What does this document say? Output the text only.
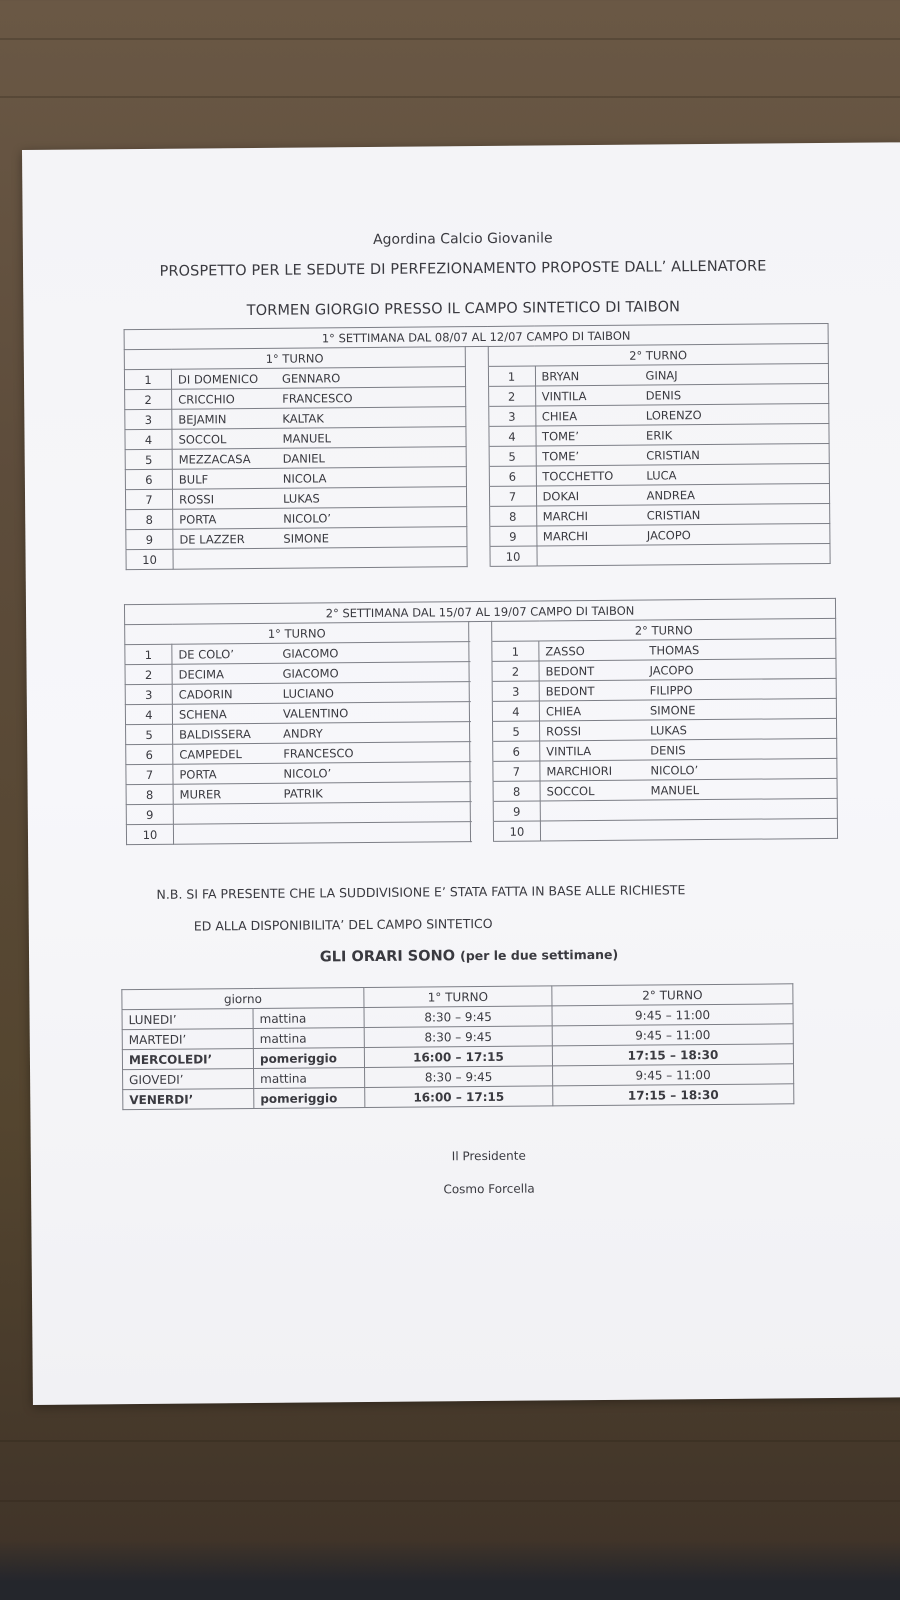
Agordina Calcio Giovanile
PROSPETTO PER LE SEDUTE DI PERFEZIONAMENTO PROPOSTE DALL’ ALLENATORE
TORMEN GIORGIO PRESSO IL CAMPO SINTETICO DI TAIBON
1° SETTIMANA DAL 08/07 AL 12/07 CAMPO DI TAIBON				
1° TURNO			2° TURNO	
1	DI DOMENICO GENNARO		1	BRYAN GINAJ
2	CRICCHIO FRANCESCO		2	VINTILA DENIS
3	BEJAMIN KALTAK		3	CHIEA LORENZO
4	SOCCOL MANUEL		4	TOME’ ERIK
5	MEZZACASA DANIEL		5	TOME’ CRISTIAN
6	BULF NICOLA		6	TOCCHETTO LUCA
7	ROSSI LUKAS		7	DOKAI ANDREA
8	PORTA NICOLO’		8	MARCHI CRISTIAN
9	DE LAZZER SIMONE		9	MARCHI JACOPO
10			10	
2° SETTIMANA DAL 15/07 AL 19/07 CAMPO DI TAIBON				
1° TURNO			2° TURNO	
1	DE COLO’ GIACOMO		1	ZASSO THOMAS
2	DECIMA GIACOMO		2	BEDONT JACOPO
3	CADORIN LUCIANO		3	BEDONT FILIPPO
4	SCHENA VALENTINO		4	CHIEA SIMONE
5	BALDISSERA ANDRY		5	ROSSI LUKAS
6	CAMPEDEL FRANCESCO		6	VINTILA DENIS
7	PORTA NICOLO’		7	MARCHIORI NICOLO’
8	MURER PATRIK		8	SOCCOL MANUEL
9			9	
10			10	
N.B. SI FA PRESENTE CHE LA SUDDIVISIONE E’ STATA FATTA IN BASE ALLE RICHIESTE
ED ALLA DISPONIBILITA’ DEL CAMPO SINTETICO
GLI ORARI SONO (per le due settimane)
giorno		1° TURNO	2° TURNO
LUNEDI’	mattina	8:30 – 9:45	9:45 – 11:00
MARTEDI’	mattina	8:30 – 9:45	9:45 – 11:00
MERCOLEDI’	pomeriggio	16:00 – 17:15	17:15 – 18:30
GIOVEDI’	mattina	8:30 – 9:45	9:45 – 11:00
VENERDI’	pomeriggio	16:00 – 17:15	17:15 – 18:30
Il Presidente
Cosmo Forcella
